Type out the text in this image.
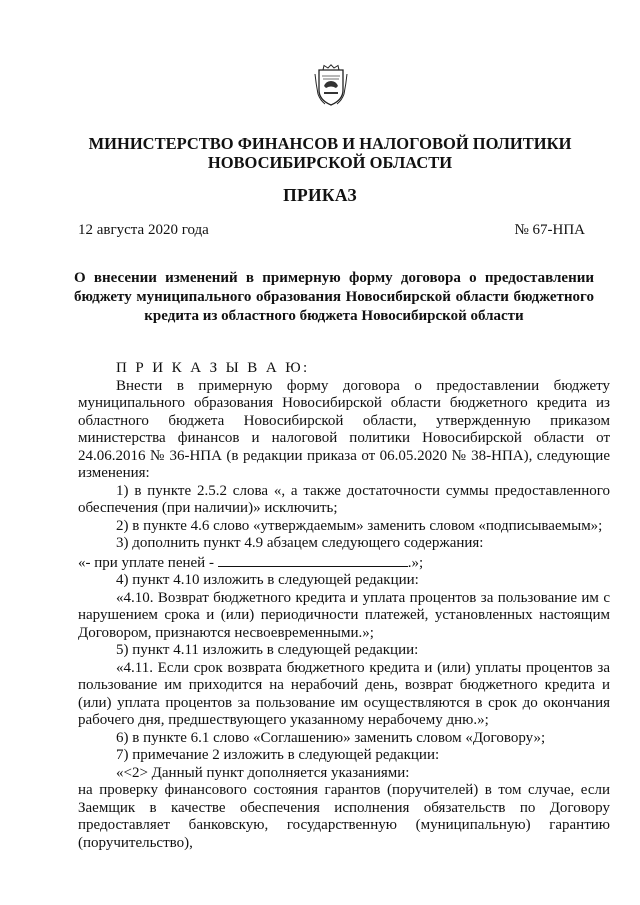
МИНИСТЕРСТВО ФИНАНСОВ И НАЛОГОВОЙ ПОЛИТИКИ
НОВОСИБИРСКОЙ ОБЛАСТИ
ПРИКАЗ
12 августа 2020 года	№ 67-НПА
О внесении изменений в примерную форму договора о предоставлении
бюджету муниципального образования Новосибирской области бюджетного
кредита из областного бюджета Новосибирской области

П Р И К А З Ы В А Ю:

Внести в примерную форму договора о предоставлении бюджету муниципального образования Новосибирской области бюджетного кредита из областного бюджета Новосибирской области, утвержденную приказом министерства финансов и налоговой политики Новосибирской области от 24.06.2016 № 36-НПА (в редакции приказа от 06.05.2020 № 38-НПА), следующие изменения:

1) в пункте 2.5.2 слова «, а также достаточности суммы предоставленного обеспечения (при наличии)» исключить;

2) в пункте 4.6 слово «утверждаемым» заменить словом «подписываемым»;

3) дополнить пункт 4.9 абзацем следующего содержания:

«- при уплате пеней -	.»;

4) пункт 4.10 изложить в следующей редакции:

«4.10. Возврат бюджетного кредита и уплата процентов за пользование им с нарушением срока и (или) периодичности платежей, установленных настоящим Договором, признаются несвоевременными.»;

5) пункт 4.11 изложить в следующей редакции:

«4.11. Если срок возврата бюджетного кредита и (или) уплаты процентов за пользование им приходится на нерабочий день, возврат бюджетного кредита и (или) уплата процентов за пользование им осуществляются в срок до окончания рабочего дня, предшествующего указанному нерабочему дню.»;

6) в пункте 6.1 слово «Соглашению» заменить словом «Договору»;

7) примечание 2 изложить в следующей редакции:

«<2> Данный пункт дополняется указаниями:

на проверку финансового состояния гарантов (поручителей) в том случае, если Заемщик в качестве обеспечения исполнения обязательств по Договору предоставляет банковскую, государственную (муниципальную) гарантию (поручительство),
